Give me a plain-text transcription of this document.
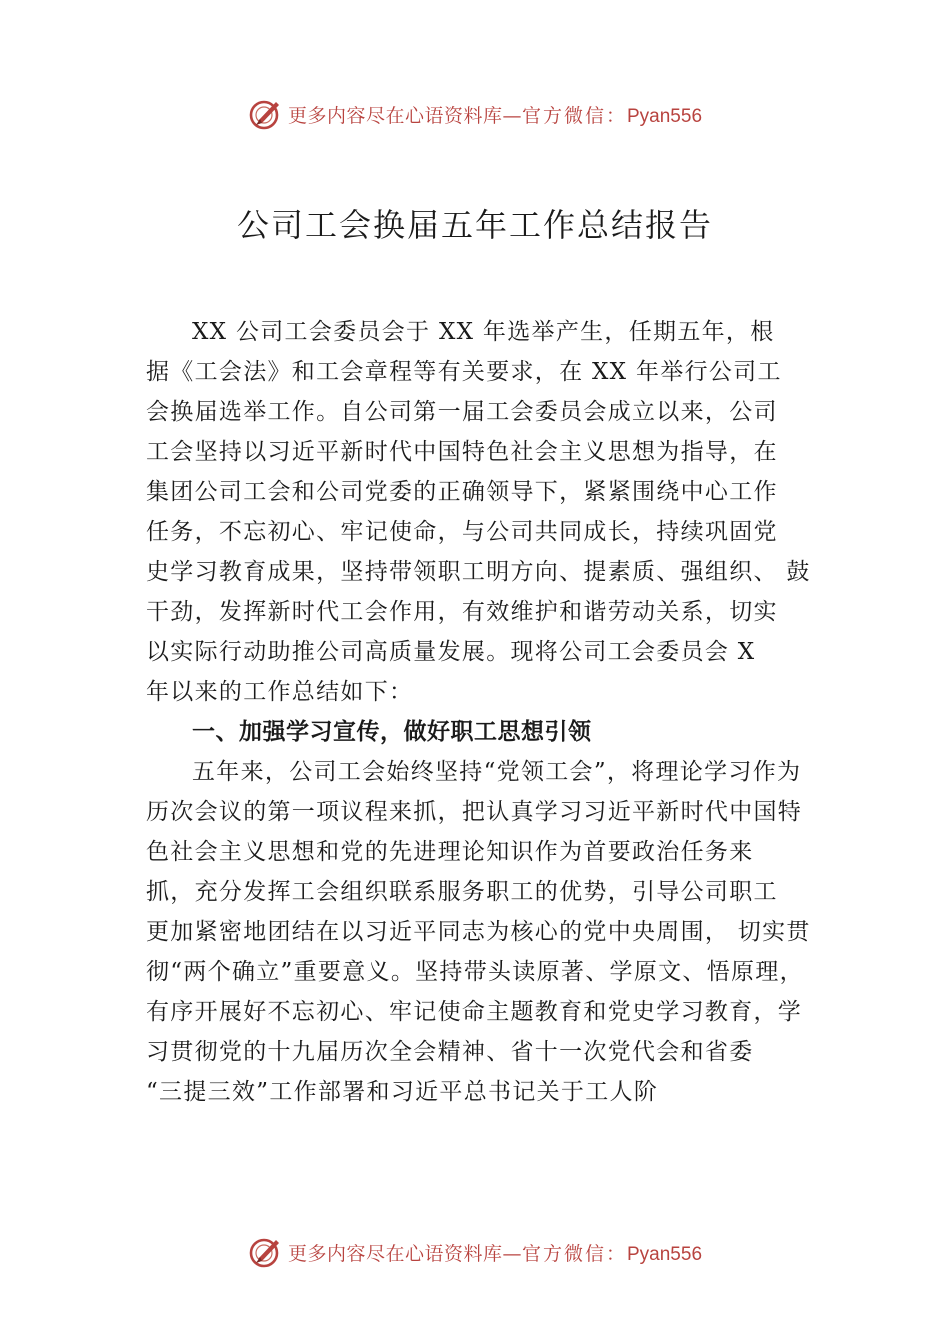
更多内容尽在心语资料库—官方微信：Pyan556
公司工会换届五年工作总结报告
XX 公司工会委员会于 XX 年选举产生，任期五年，根
据《工会法》和工会章程等有关要求，在 XX 年举行公司工
会换届选举工作。自公司第一届工会委员会成立以来，公司
工会坚持以习近平新时代中国特色社会主义思想为指导，在
集团公司工会和公司党委的正确领导下，紧紧围绕中心工作
任务，不忘初心、牢记使命，与公司共同成长，持续巩固党
史学习教育成果，坚持带领职工明方向、提素质、强组织、 鼓
干劲，发挥新时代工会作用，有效维护和谐劳动关系，切实
以实际行动助推公司高质量发展。现将公司工会委员会 X
年以来的工作总结如下：
一、加强学习宣传，做好职工思想引领
五年来，公司工会始终坚持“党领工会”，将理论学习作为
历次会议的第一项议程来抓，把认真学习习近平新时代中国特
色社会主义思想和党的先进理论知识作为首要政治任务来
抓，充分发挥工会组织联系服务职工的优势，引导公司职工
更加紧密地团结在以习近平同志为核心的党中央周围， 切实贯
彻“两个确立”重要意义。坚持带头读原著、学原文、悟原理，
有序开展好不忘初心、牢记使命主题教育和党史学习教育，学
习贯彻党的十九届历次全会精神、省十一次党代会和省委
“三提三效”工作部署和习近平总书记关于工人阶
更多内容尽在心语资料库—官方微信：Pyan556
